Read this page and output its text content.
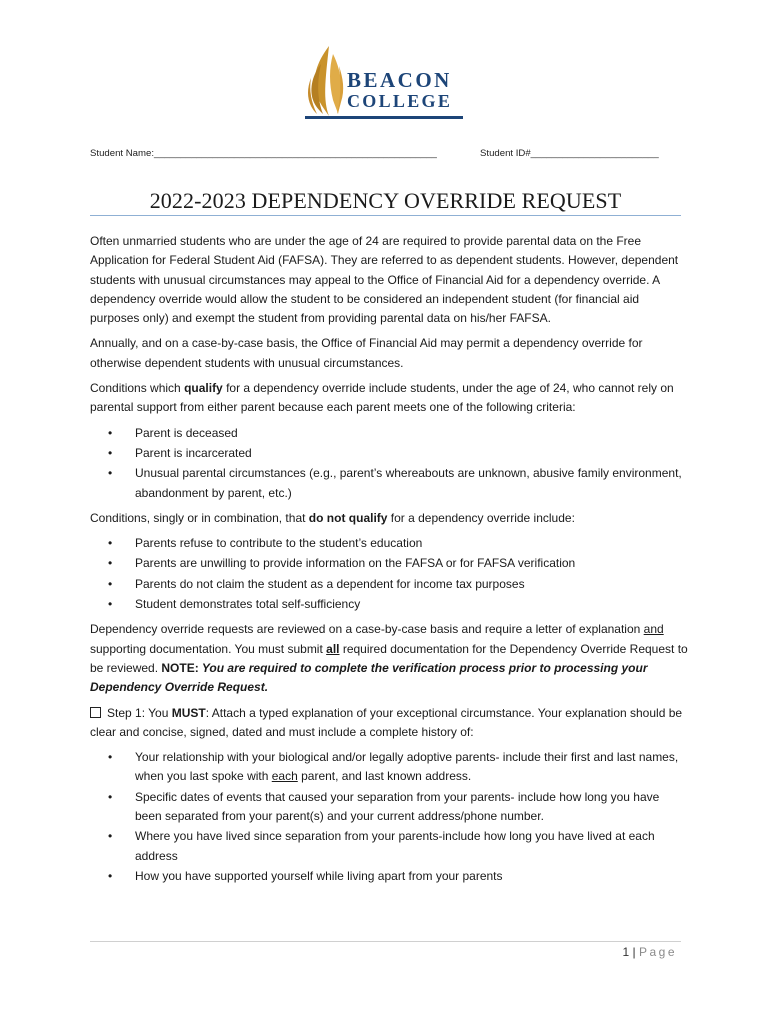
BEACON
COLLEGE
Student Name:_____________________________________________________	Student ID#________________________
2022-2023 DEPENDENCY OVERRIDE REQUEST

Often unmarried students who are under the age of 24 are required to provide parental data on the Free Application for Federal Student Aid (FAFSA). They are referred to as dependent students. However, dependent students with unusual circumstances may appeal to the Office of Financial Aid for a dependency override. A dependency override would allow the student to be considered an independent student (for financial aid purposes only) and exempt the student from providing parental data on his/her FAFSA.

Annually, and on a case-by-case basis, the Office of Financial Aid may permit a dependency override for otherwise dependent students with unusual circumstances.

Conditions which qualify for a dependency override include students, under the age of 24, who cannot rely on parental support from either parent because each parent meets one of the following criteria:

• Parent is deceased
• Parent is incarcerated
• Unusual parental circumstances (e.g., parent’s whereabouts are unknown, abusive family environment, abandonment by parent, etc.)

Conditions, singly or in combination, that do not qualify for a dependency override include:

• Parents refuse to contribute to the student’s education
• Parents are unwilling to provide information on the FAFSA or for FAFSA verification
• Parents do not claim the student as a dependent for income tax purposes
• Student demonstrates total self-sufficiency

Dependency override requests are reviewed on a case-by-case basis and require a letter of explanation and supporting documentation. You must submit all required documentation for the Dependency Override Request to be reviewed. NOTE: You are required to complete the verification process prior to processing your Dependency Override Request.

Step 1: You MUST: Attach a typed explanation of your exceptional circumstance. Your explanation should be clear and concise, signed, dated and must include a complete history of:

• Your relationship with your biological and/or legally adoptive parents- include their first and last names, when you last spoke with each parent, and last known address.
• Specific dates of events that caused your separation from your parents- include how long you have been separated from your parent(s) and your current address/phone number.
• Where you have lived since separation from your parents-include how long you have lived at each address
• How you have supported yourself while living apart from your parents
1 | Page
